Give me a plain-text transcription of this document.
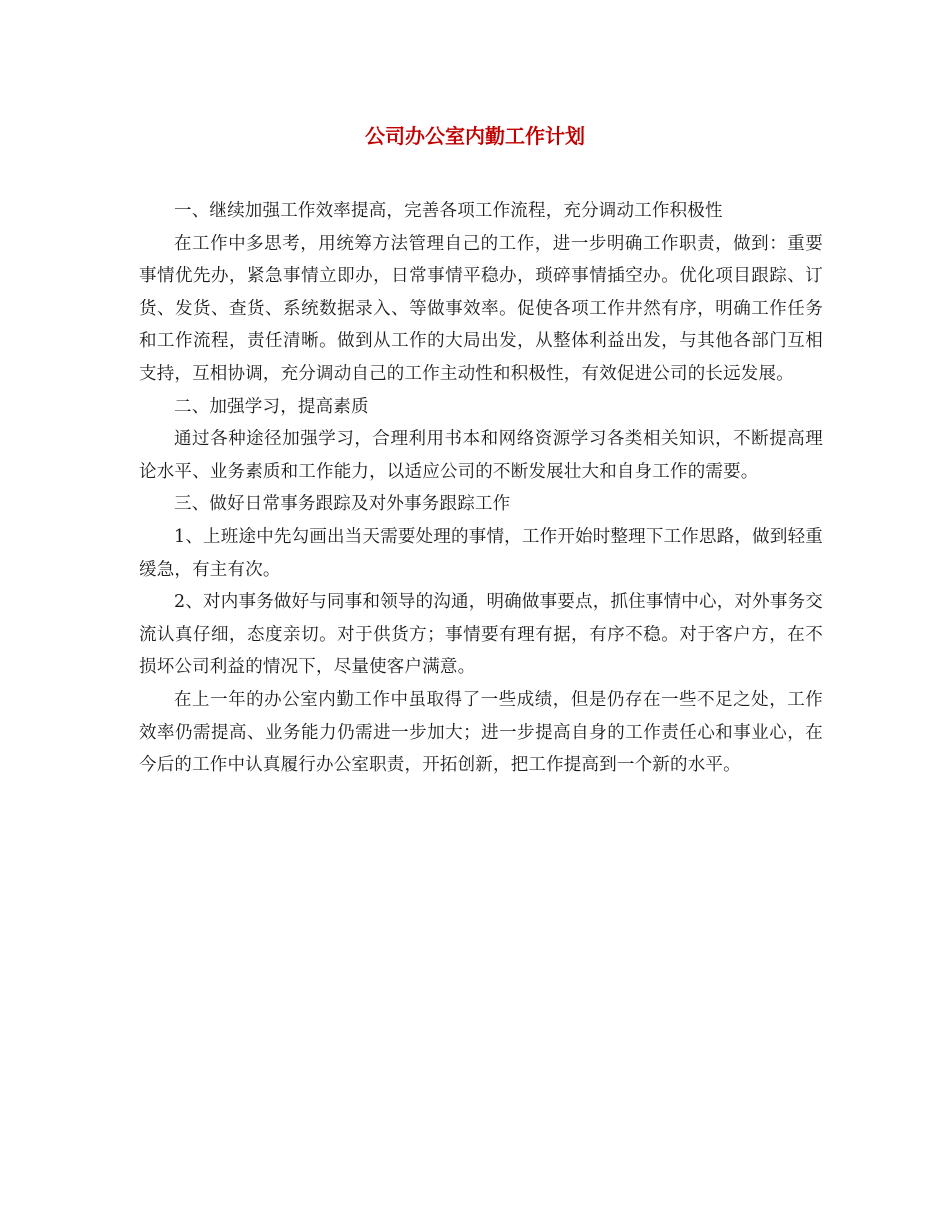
公司办公室内勤工作计划

一、继续加强工作效率提高，完善各项工作流程，充分调动工作积极性

在工作中多思考，用统筹方法管理自己的工作，进一步明确工作职责，做到：重要事情优先办，紧急事情立即办，日常事情平稳办，琐碎事情插空办。优化项目跟踪、订货、发货、查货、系统数据录入、等做事效率。促使各项工作井然有序，明确工作任务和工作流程，责任清晰。做到从工作的大局出发，从整体利益出发，与其他各部门互相支持，互相协调，充分调动自己的工作主动性和积极性，有效促进公司的长远发展。

二、加强学习，提高素质

通过各种途径加强学习，合理利用书本和网络资源学习各类相关知识，不断提高理论水平、业务素质和工作能力，以适应公司的不断发展壮大和自身工作的需要。

三、做好日常事务跟踪及对外事务跟踪工作

1、上班途中先勾画出当天需要处理的事情，工作开始时整理下工作思路，做到轻重缓急，有主有次。

2、对内事务做好与同事和领导的沟通，明确做事要点，抓住事情中心，对外事务交流认真仔细，态度亲切。对于供货方；事情要有理有据，有序不稳。对于客户方，在不损坏公司利益的情况下，尽量使客户满意。

在上一年的办公室内勤工作中虽取得了一些成绩，但是仍存在一些不足之处，工作效率仍需提高、业务能力仍需进一步加大；进一步提高自身的工作责任心和事业心，在今后的工作中认真履行办公室职责，开拓创新，把工作提高到一个新的水平。
